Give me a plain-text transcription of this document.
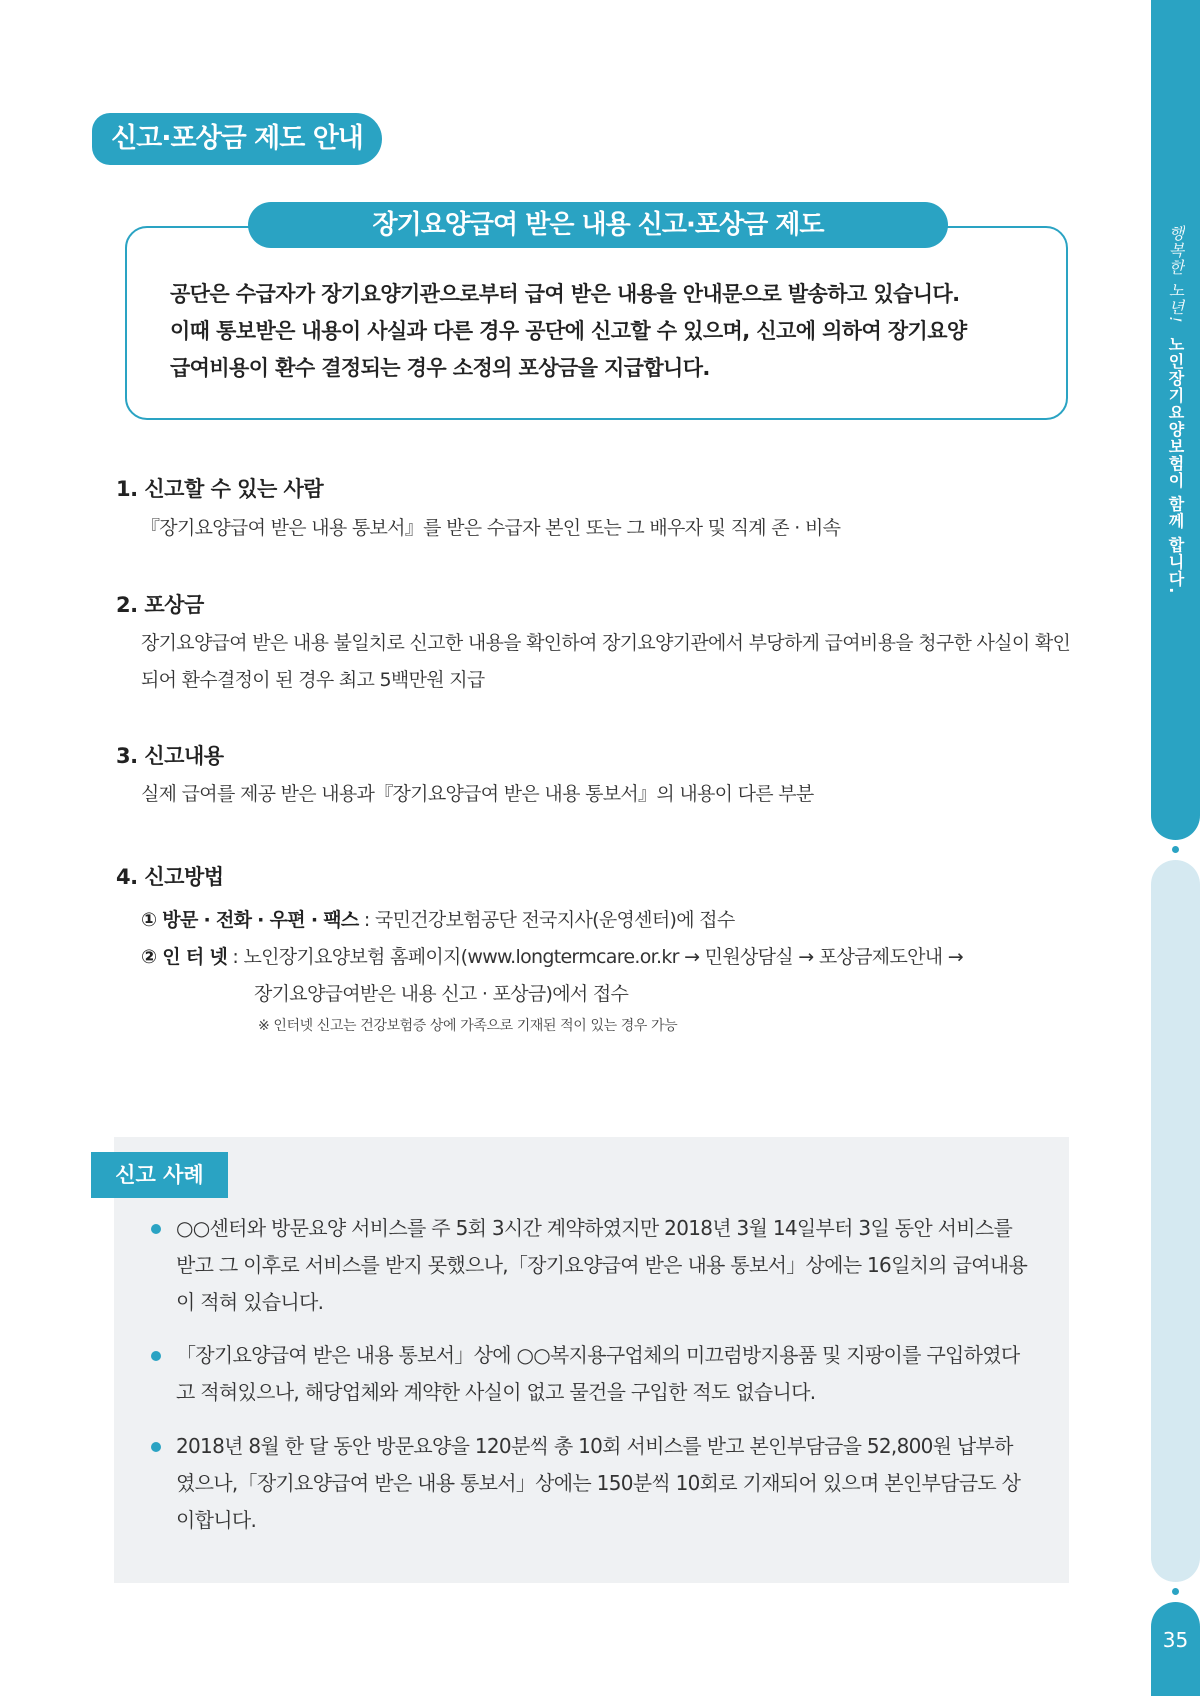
행복한 노년! 노인장기요양보험이 함께 합니다.
35
신고·포상금 제도 안내
장기요양급여 받은 내용 신고·포상금 제도
공단은 수급자가 장기요양기관으로부터 급여 받은 내용을 안내문으로 발송하고 있습니다.
이때 통보받은 내용이 사실과 다른 경우 공단에 신고할 수 있으며, 신고에 의하여 장기요양
급여비용이 환수 결정되는 경우 소정의 포상금을 지급합니다.
1. 신고할 수 있는 사람
『장기요양급여 받은 내용 통보서』를 받은 수급자 본인 또는 그 배우자 및 직계 존 · 비속
2. 포상금
장기요양급여 받은 내용 불일치로 신고한 내용을 확인하여 장기요양기관에서 부당하게 급여비용을 청구한 사실이 확인되어 환수결정이 된 경우 최고 5백만원 지급
3. 신고내용
실제 급여를 제공 받은 내용과『장기요양급여 받은 내용 통보서』의 내용이 다른 부분
4. 신고방법
① 방문 · 전화 · 우편 · 팩스 : 국민건강보험공단 전국지사(운영센터)에 접수
② 인 터 넷 : 노인장기요양보험 홈페이지(www.longtermcare.or.kr → 민원상담실 → 포상금제도안내 →
장기요양급여받은 내용 신고 · 포상금)에서 접수
※ 인터넷 신고는 건강보험증 상에 가족으로 기재된 적이 있는 경우 가능
신고 사례
○○센터와 방문요양 서비스를 주 5회 3시간 계약하였지만 2018년 3월 14일부터 3일 동안 서비스를 받고 그 이후로 서비스를 받지 못했으나,「장기요양급여 받은 내용 통보서」상에는 16일치의 급여내용이 적혀 있습니다.
「장기요양급여 받은 내용 통보서」상에 ○○복지용구업체의 미끄럼방지용품 및 지팡이를 구입하였다고 적혀있으나, 해당업체와 계약한 사실이 없고 물건을 구입한 적도 없습니다.
2018년 8월 한 달 동안 방문요양을 120분씩 총 10회 서비스를 받고 본인부담금을 52,800원 납부하였으나,「장기요양급여 받은 내용 통보서」상에는 150분씩 10회로 기재되어 있으며 본인부담금도 상이합니다.
